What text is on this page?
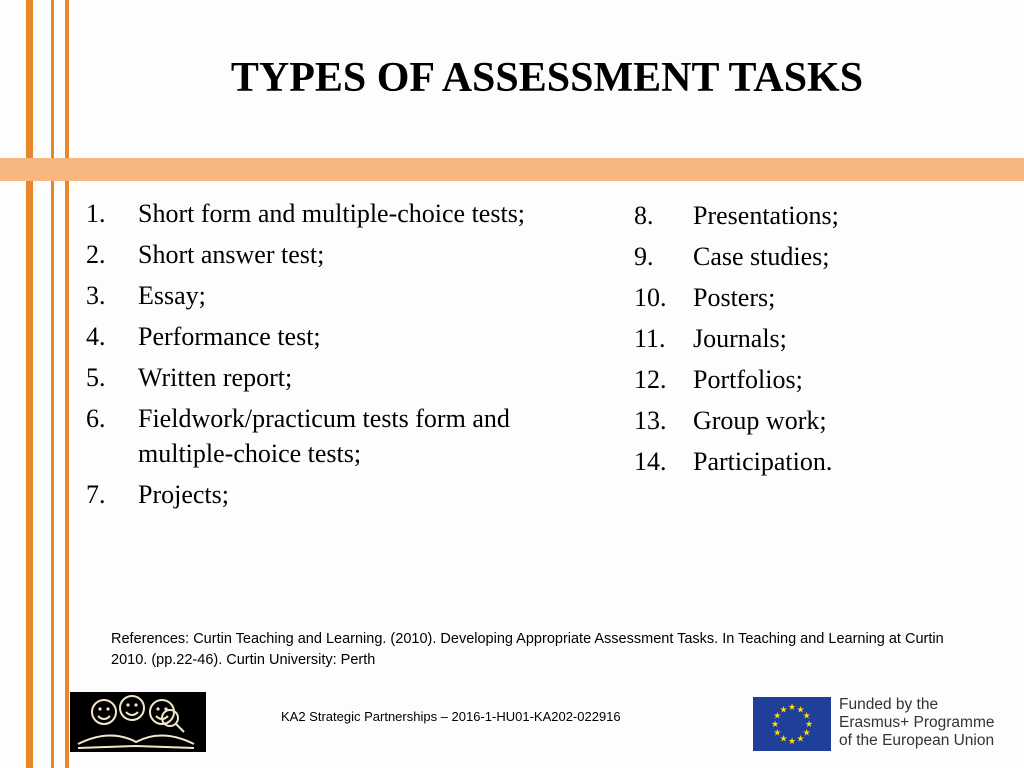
TYPES OF ASSESSMENT TASKS
1. Short form and multiple-choice tests;
2. Short answer test;
3. Essay;
4. Performance test;
5. Written report;
6. Fieldwork/practicum tests form and multiple-choice tests;
7. Projects;
8. Presentations;
9. Case studies;
10. Posters;
11. Journals;
12. Portfolios;
13. Group work;
14. Participation.
References: Curtin Teaching and Learning. (2010). Developing Appropriate Assessment Tasks. In Teaching and Learning at Curtin 2010. (pp.22-46). Curtin University: Perth
KA2 Strategic Partnerships – 2016-1-HU01-KA202-022916
★ ★
★
★
★
★
★
★
★
★
★
★	Funded by the
Erasmus+ Programme
of the European Union
